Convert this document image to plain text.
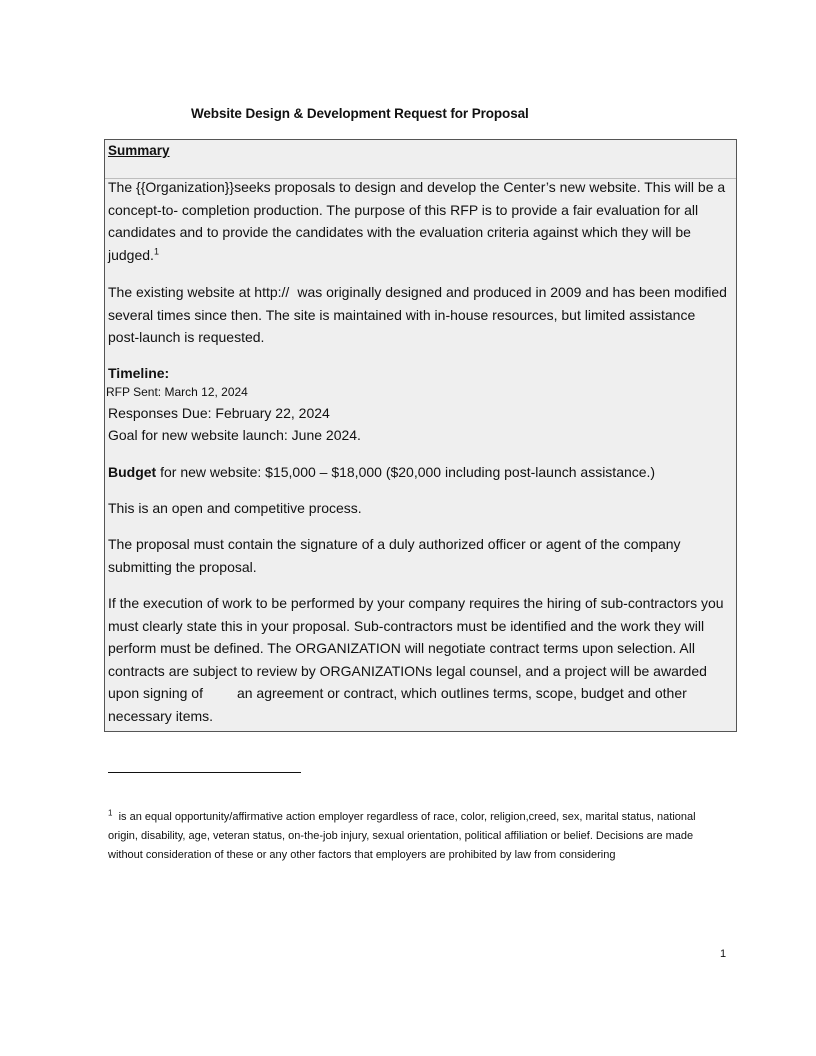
Website Design & Development Request for Proposal
Summary

The {{Organization}}seeks proposals to design and develop the Center’s new website. This will be a concept-to- completion production. The purpose of this RFP is to provide a fair evaluation for all candidates and to provide the candidates with the evaluation criteria against which they will be judged.$^1$

The existing website at http:// was originally designed and produced in 2009 and has been modified several times since then. The site is maintained with in-house resources, but limited assistance post-launch is requested.

Timeline:

RFP Sent: March 12, 2024

Responses Due: February 22, 2024

Goal for new website launch: June 2024.

Budget for new website: $15,000 – $18,000 ($20,000 including post-launch assistance.)

This is an open and competitive process.

The proposal must contain the signature of a duly authorized officer or agent of the company submitting the proposal.

If the execution of work to be performed by your company requires the hiring of sub-contractors you must clearly state this in your proposal. Sub-contractors must be identified and the work they will perform must be defined. The ORGANIZATION will negotiate contract terms upon selection. All contracts are subject to review by ORGANIZATIONs legal counsel, and a project will be awarded upon signing of an agreement or contract, which outlines terms, scope, budget and other necessary items.

$^1$ is an equal opportunity/affirmative action employer regardless of race, color, religion,creed, sex, marital status, national origin, disability, age, veteran status, on-the-job injury, sexual orientation, political affiliation or belief. Decisions are made without consideration of these or any other factors that employers are prohibited by law from considering
1
